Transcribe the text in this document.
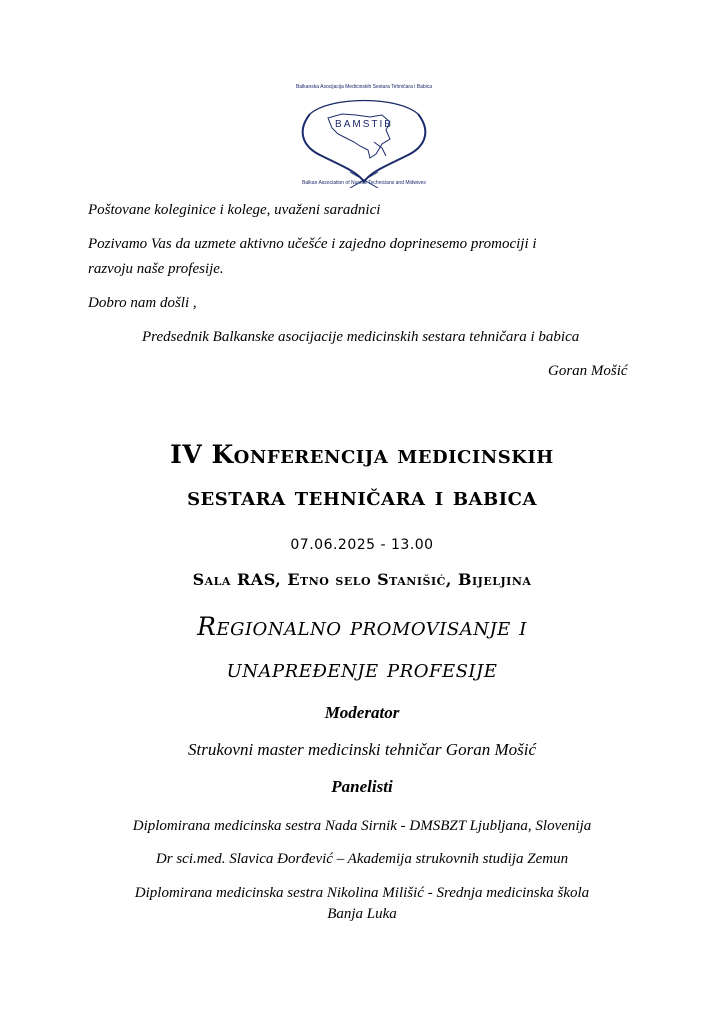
Balkanska Asocijacija Medicinskih Sestara Tehničara i Babica
BAMSTIB
Balkan Association of Nurses Technicians and Midwives
Poštovane koleginice i kolege, uvaženi saradnici
Pozivamo Vas da uzmete aktivno učešće i zajedno doprinesemo promociji i
razvoju naše profesije.
Dobro nam došli ,
Predsednik Balkanske asocijacije medicinskih sestara tehničara i babica
Goran Mošić
IV Konferencija medicinskih
sestara tehničara i babica
07.06.2025 - 13.00
Sala RAS, Etno selo Stanišić, Bijeljina
Regionalno promovisanje i
unapređenje profesije
Moderator
Strukovni master medicinski tehničar Goran Mošić
Panelisti
Diplomirana medicinska sestra Nada Sirnik - DMSBZT Ljubljana, Slovenija
Dr sci.med. Slavica Đorđević – Akademija strukovnih studija Zemun
Diplomirana medicinska sestra Nikolina Milišić - Srednja medicinska škola
Banja Luka
